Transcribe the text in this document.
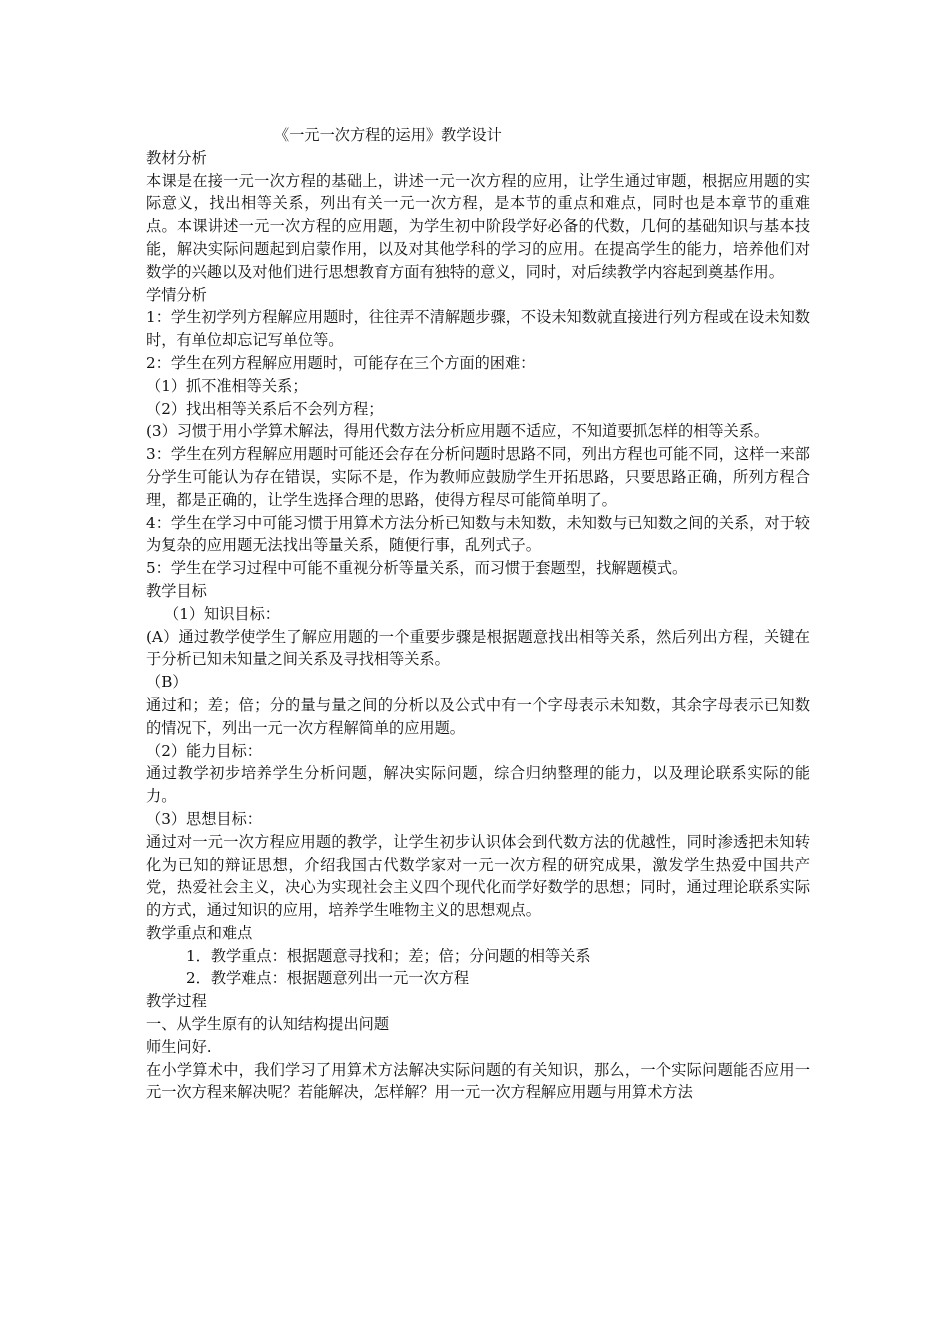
《一元一次方程的运用》教学设计

教材分析

本课是在接一元一次方程的基础上，讲述一元一次方程的应用，让学生通过审题，根据应用题的实际意义，找出相等关系，列出有关一元一次方程，是本节的重点和难点，同时也是本章节的重难点。本课讲述一元一次方程的应用题，为学生初中阶段学好必备的代数，几何的基础知识与基本技能，解决实际问题起到启蒙作用，以及对其他学科的学习的应用。在提高学生的能力，培养他们对数学的兴趣以及对他们进行思想教育方面有独特的意义，同时，对后续教学内容起到奠基作用。

学情分析

1：学生初学列方程解应用题时，往往弄不清解题步骤，不设未知数就直接进行列方程或在设未知数时，有单位却忘记写单位等。

2：学生在列方程解应用题时，可能存在三个方面的困难：

（1）抓不准相等关系；

（2）找出相等关系后不会列方程；

(3）习惯于用小学算术解法，得用代数方法分析应用题不适应，不知道要抓怎样的相等关系。

3：学生在列方程解应用题时可能还会存在分析问题时思路不同，列出方程也可能不同，这样一来部分学生可能认为存在错误，实际不是，作为教师应鼓励学生开拓思路，只要思路正确，所列方程合理，都是正确的，让学生选择合理的思路，使得方程尽可能简单明了。

4：学生在学习中可能习惯于用算术方法分析已知数与未知数，未知数与已知数之间的关系，对于较为复杂的应用题无法找出等量关系，随便行事，乱列式子。

5：学生在学习过程中可能不重视分析等量关系，而习惯于套题型，找解题模式。

教学目标

（1）知识目标：

(A）通过教学使学生了解应用题的一个重要步骤是根据题意找出相等关系，然后列出方程，关键在于分析已知未知量之间关系及寻找相等关系。

（B）

通过和；差；倍；分的量与量之间的分析以及公式中有一个字母表示未知数，其余字母表示已知数的情况下，列出一元一次方程解简单的应用题。

（2）能力目标：

通过教学初步培养学生分析问题，解决实际问题，综合归纳整理的能力，以及理论联系实际的能力。

（3）思想目标：

通过对一元一次方程应用题的教学，让学生初步认识体会到代数方法的优越性，同时渗透把未知转化为已知的辩证思想，介绍我国古代数学家对一元一次方程的研究成果，激发学生热爱中国共产党，热爱社会主义，决心为实现社会主义四个现代化而学好数学的思想；同时，通过理论联系实际的方式，通过知识的应用，培养学生唯物主义的思想观点。

教学重点和难点

1．教学重点：根据题意寻找和；差；倍；分问题的相等关系

2．教学难点：根据题意列出一元一次方程

教学过程

一、从学生原有的认知结构提出问题

师生问好.

在小学算术中，我们学习了用算术方法解决实际问题的有关知识，那么，一个实际问题能否应用一元一次方程来解决呢？若能解决，怎样解？用一元一次方程解应用题与用算术方法
